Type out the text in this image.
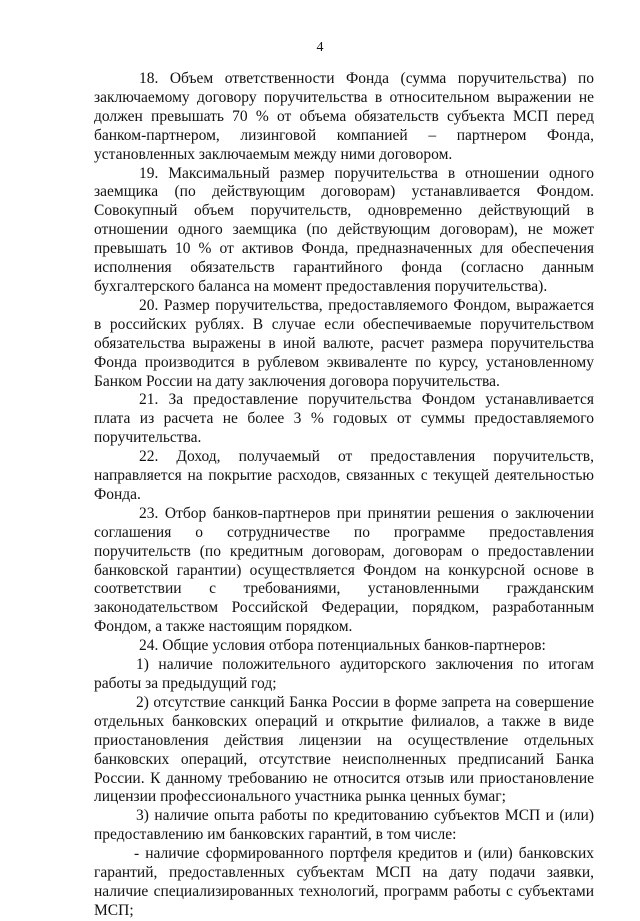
4

18. Объем ответственности Фонда (сумма поручительства) по заключаемому договору поручительства в относительном выражении не должен превышать 70 % от объема обязательств субъекта МСП перед банком-партнером, лизинговой компанией – партнером Фонда, установленных заключаемым между ними договором.

19. Максимальный размер поручительства в отношении одного заемщика (по действующим договорам) устанавливается Фондом. Совокупный объем поручительств, одновременно действующий в отношении одного заемщика (по действующим договорам), не может превышать 10 % от активов Фонда, предназначенных для обеспечения исполнения обязательств гарантийного фонда (согласно данным бухгалтерского баланса на момент предоставления поручительства).

20. Размер поручительства, предоставляемого Фондом, выражается в российских рублях. В случае если обеспечиваемые поручительством обязательства выражены в иной валюте, расчет размера поручительства Фонда производится в рублевом эквиваленте по курсу, установленному Банком России на дату заключения договора поручительства.

21. За предоставление поручительства Фондом устанавливается плата из расчета не более 3 % годовых от суммы предоставляемого поручительства.

22. Доход, получаемый от предоставления поручительств, направляется на покрытие расходов, связанных с текущей деятельностью Фонда.

23. Отбор банков-партнеров при принятии решения о заключении соглашения о сотрудничестве по программе предоставления поручительств (по кредитным договорам, договорам о предоставлении банковской гарантии) осуществляется Фондом на конкурсной основе в соответствии с требованиями, установленными гражданским законодательством Российской Федерации, порядком, разработанным Фондом, а также настоящим порядком.

24. Общие условия отбора потенциальных банков-партнеров:

1) наличие положительного аудиторского заключения по итогам работы за предыдущий год;

2) отсутствие санкций Банка России в форме запрета на совершение отдельных банковских операций и открытие филиалов, а также в виде приостановления действия лицензии на осуществление отдельных банковских операций, отсутствие неисполненных предписаний Банка России. К данному требованию не относится отзыв или приостановление лицензии профессионального участника рынка ценных бумаг;

3) наличие опыта работы по кредитованию субъектов МСП и (или) предоставлению им банковских гарантий, в том числе:

- наличие сформированного портфеля кредитов и (или) банковских гарантий, предоставленных субъектам МСП на дату подачи заявки, наличие специализированных технологий, программ работы с субъектами МСП;
